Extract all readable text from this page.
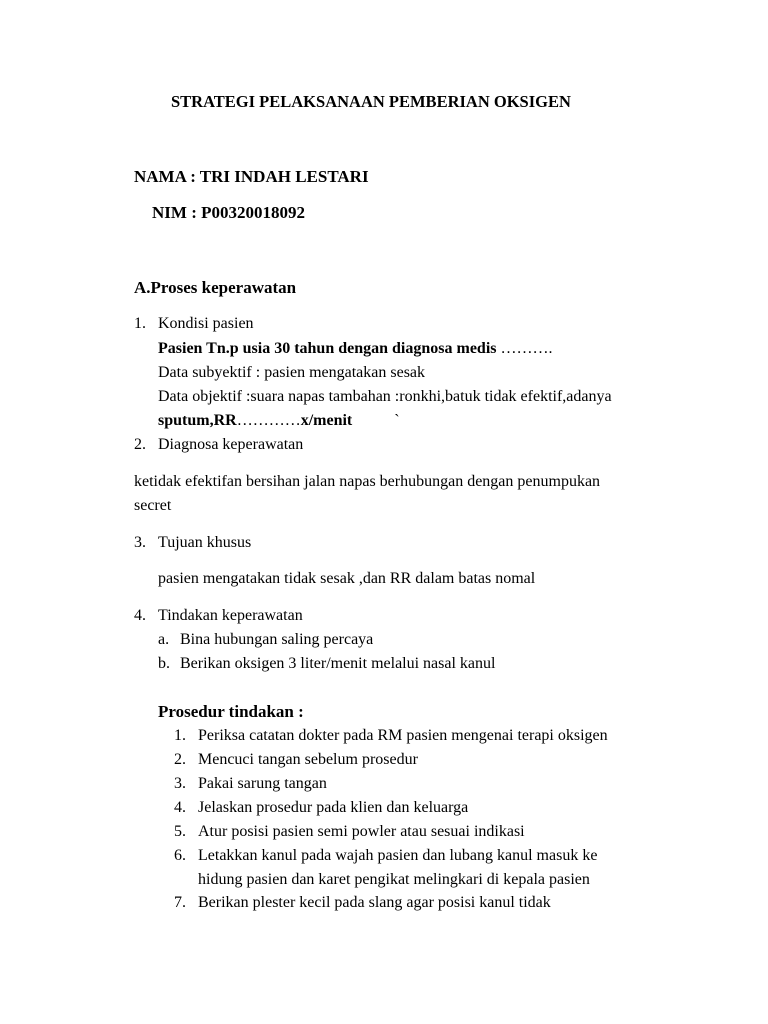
STRATEGI PELAKSANAAN PEMBERIAN OKSIGEN
NAMA : TRI INDAH LESTARI
NIM : P00320018092
A.Proses keperawatan
1. Kondisi pasien
Pasien Tn.p usia 30 tahun dengan diagnosa medis ……….
Data subyektif : pasien mengatakan sesak
Data objektif :suara napas tambahan :ronkhi,batuk tidak efektif,adanya
sputum,RR…………x/menit	`
2. Diagnosa keperawatan
ketidak efektifan bersihan jalan napas berhubungan dengan penumpukan
secret
3. Tujuan khusus
pasien mengatakan tidak sesak ,dan RR dalam batas nomal
4. Tindakan keperawatan
a. Bina hubungan saling percaya
b. Berikan oksigen 3 liter/menit melalui nasal kanul
Prosedur tindakan :
1. Periksa catatan dokter pada RM pasien mengenai terapi oksigen
2. Mencuci tangan sebelum prosedur
3. Pakai sarung tangan
4. Jelaskan prosedur pada klien dan keluarga
5. Atur posisi pasien semi powler atau sesuai indikasi
6. Letakkan kanul pada wajah pasien dan lubang kanul masuk ke
hidung pasien dan karet pengikat melingkari di kepala pasien
7. Berikan plester kecil pada slang agar posisi kanul tidak
